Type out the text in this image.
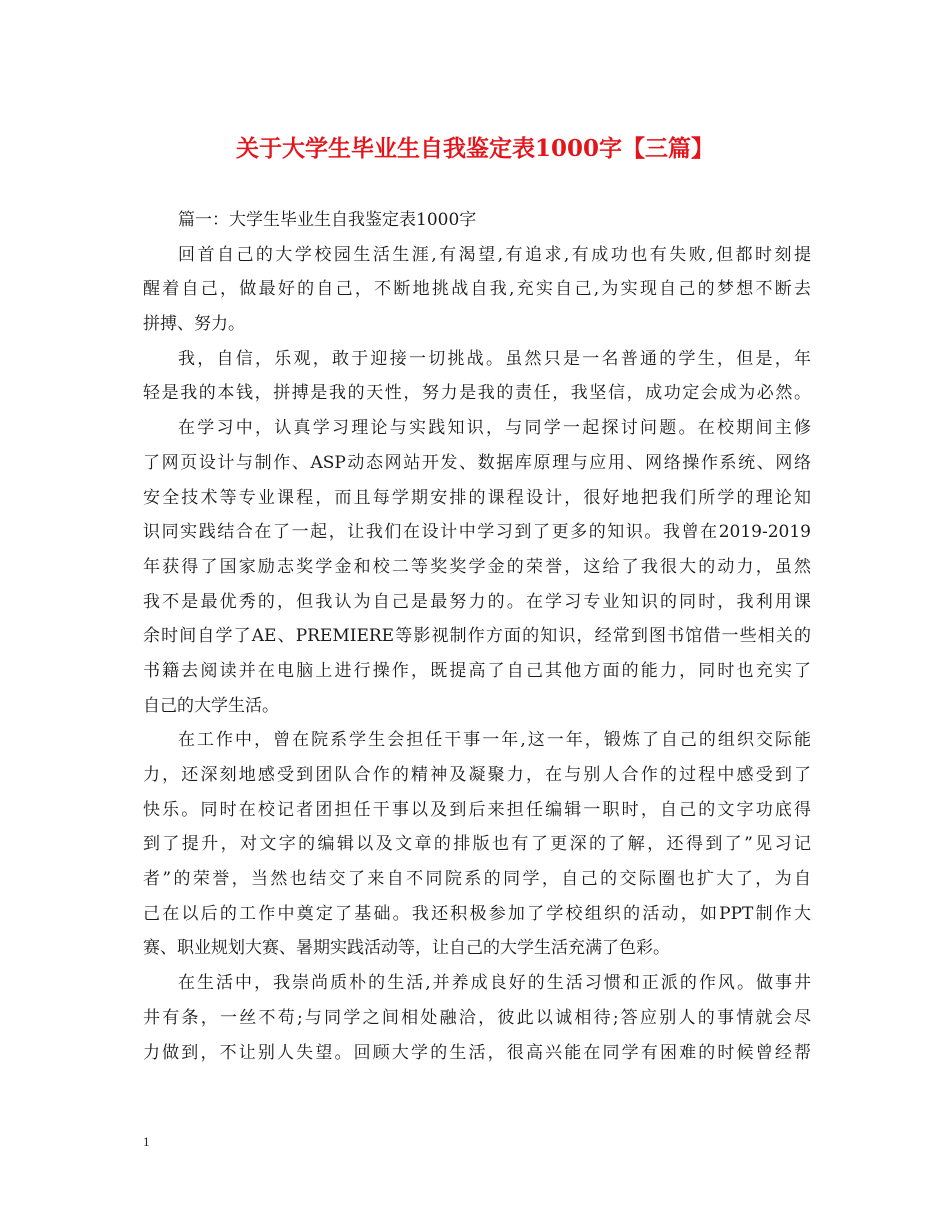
关于大学生毕业生自我鉴定表1000字【三篇】
篇一：大学生毕业生自我鉴定表1000字
回首自己的大学校园生活生涯,有渴望,有追求,有成功也有失败,但都时刻提
醒着自己，做最好的自己，不断地挑战自我,充实自己,为实现自己的梦想不断去
拼搏、努力。
我，自信，乐观，敢于迎接一切挑战。虽然只是一名普通的学生，但是，年
轻是我的本钱，拼搏是我的天性，努力是我的责任，我坚信，成功定会成为必然。
在学习中，认真学习理论与实践知识，与同学一起探讨问题。在校期间主修
了网页设计与制作、ASP动态网站开发、数据库原理与应用、网络操作系统、网络
安全技术等专业课程，而且每学期安排的课程设计，很好地把我们所学的理论知
识同实践结合在了一起，让我们在设计中学习到了更多的知识。我曾在2019-2019
年获得了国家励志奖学金和校二等奖奖学金的荣誉，这给了我很大的动力，虽然
我不是最优秀的，但我认为自己是最努力的。在学习专业知识的同时，我利用课
余时间自学了AE、PREMIERE等影视制作方面的知识，经常到图书馆借一些相关的
书籍去阅读并在电脑上进行操作，既提高了自己其他方面的能力，同时也充实了
自己的大学生活。
在工作中，曾在院系学生会担任干事一年,这一年，锻炼了自己的组织交际能
力，还深刻地感受到团队合作的精神及凝聚力，在与别人合作的过程中感受到了
快乐。同时在校记者团担任干事以及到后来担任编辑一职时，自己的文字功底得
到了提升，对文字的编辑以及文章的排版也有了更深的了解，还得到了”见习记
者”的荣誉，当然也结交了来自不同院系的同学，自己的交际圈也扩大了，为自
己在以后的工作中奠定了基础。我还积极参加了学校组织的活动，如PPT制作大
赛、职业规划大赛、暑期实践活动等，让自己的大学生活充满了色彩。
在生活中，我崇尚质朴的生活,并养成良好的生活习惯和正派的作风。做事井
井有条，一丝不苟;与同学之间相处融洽，彼此以诚相待;答应别人的事情就会尽
力做到，不让别人失望。回顾大学的生活，很高兴能在同学有困难的时候曾经帮
1
